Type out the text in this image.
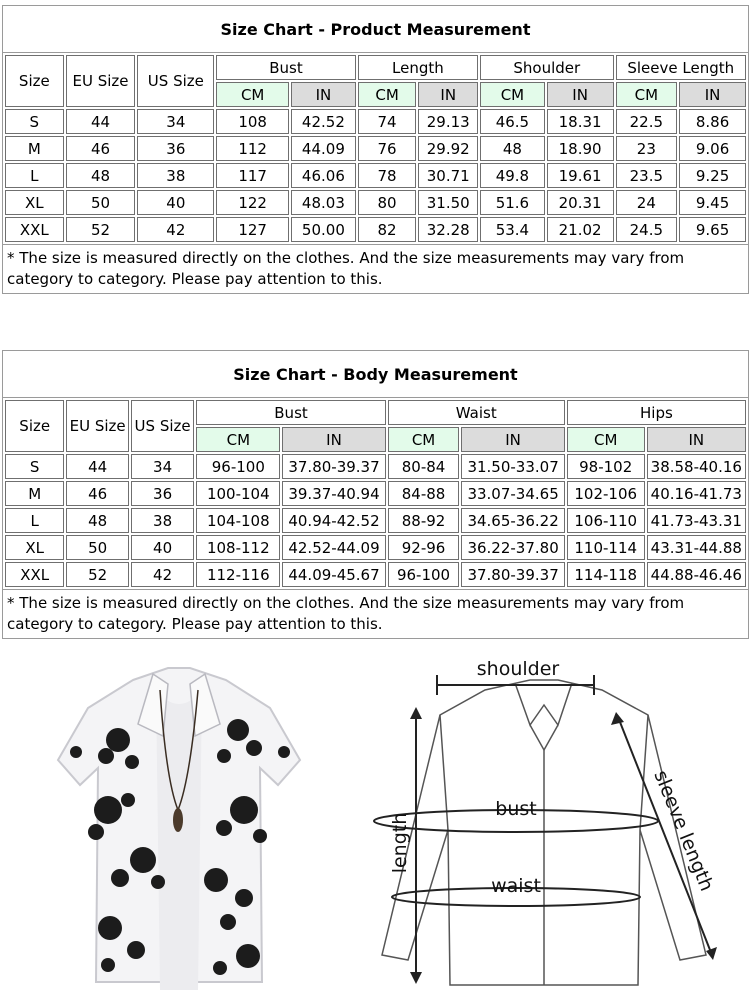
Size Chart - Product Measurement
Size	EU Size	US Size	Bust		Length		Shoulder		Sleeve Length	
			CM	IN	CM	IN	CM	IN	CM	IN
S	44	34	108	42.52	74	29.13	46.5	18.31	22.5	8.86
M	46	36	112	44.09	76	29.92	48	18.90	23	9.06
L	48	38	117	46.06	78	30.71	49.8	19.61	23.5	9.25
XL	50	40	122	48.03	80	31.50	51.6	20.31	24	9.45
XXL	52	42	127	50.00	82	32.28	53.4	21.02	24.5	9.65
* The size is measured directly on the clothes. And the size measurements may vary from category to category. Please pay attention to this.
Size Chart - Body Measurement
Size	EU Size	US Size	Bust		Waist		Hips	
			CM	IN	CM	IN	CM	IN
S	44	34	96-100	37.80-39.37	80-84	31.50-33.07	98-102	38.58-40.16
M	46	36	100-104	39.37-40.94	84-88	33.07-34.65	102-106	40.16-41.73
L	48	38	104-108	40.94-42.52	88-92	34.65-36.22	106-110	41.73-43.31
XL	50	40	108-112	42.52-44.09	92-96	36.22-37.80	110-114	43.31-44.88
XXL	52	42	112-116	44.09-45.67	96-100	37.80-39.37	114-118	44.88-46.46
* The size is measured directly on the clothes. And the size measurements may vary from category to category. Please pay attention to this.
shoulder
bust
waist
length	sleeve length
